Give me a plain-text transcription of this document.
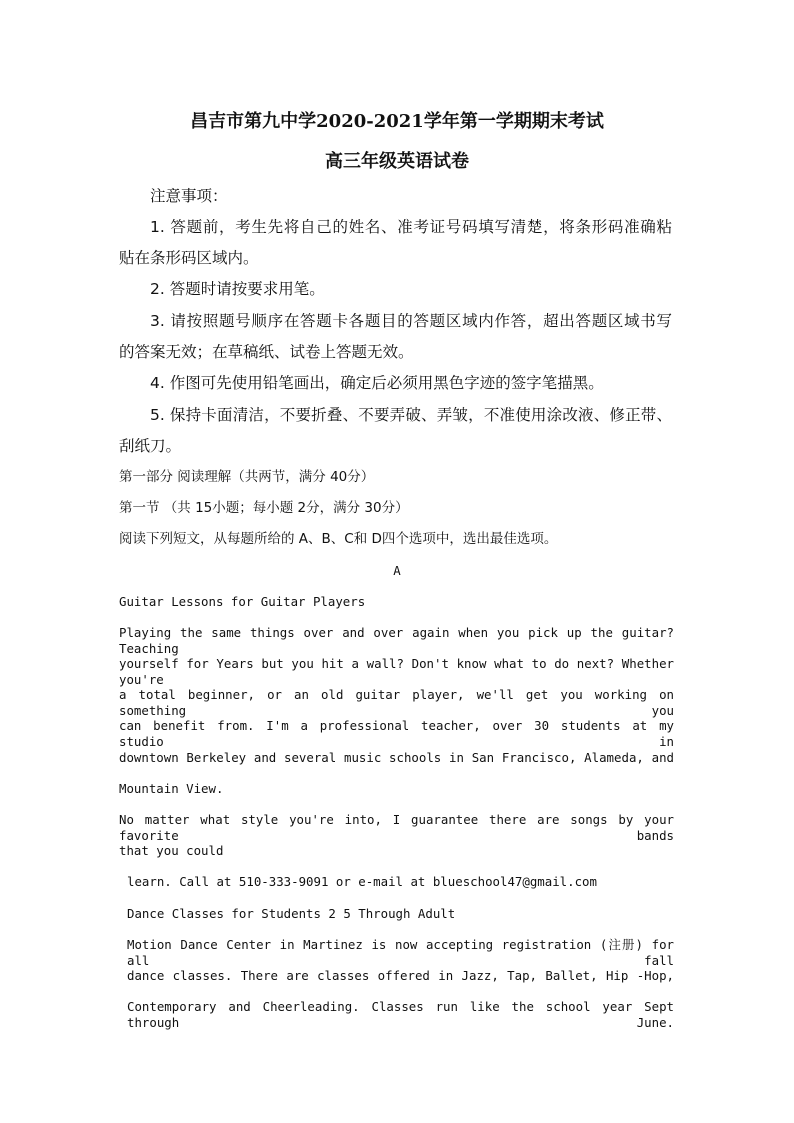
昌吉市第九中学2020-2021学年第一学期期末考试
高三年级英语试卷
注意事项：
1. 答题前，考生先将自己的姓名、准考证号码填写清楚，将条形码准确粘
贴在条形码区域内。
2. 答题时请按要求用笔。
3. 请按照题号顺序在答题卡各题目的答题区域内作答，超出答题区域书写
的答案无效；在草稿纸、试卷上答题无效。
4. 作图可先使用铅笔画出，确定后必须用黑色字迹的签字笔描黑。
5. 保持卡面清洁，不要折叠、不要弄破、弄皱，不准使用涂改液、修正带、
刮纸刀。
第一部分 阅读理解（共两节，满分 40分）
第一节 （共 15小题；每小题 2分，满分 30分）
阅读下列短文，从每题所给的 A、B、C和 D四个选项中，选出最佳选项。
A
Guitar Lessons for Guitar Players
Playing the same things over and over again when you pick up the guitar? Teaching
yourself for Years but you hit a wall? Don't know what to do next? Whether you're
a total beginner, or an old guitar player, we'll get you working on something you
can benefit from. I'm a professional teacher, over 30 students at my studio in
downtown Berkeley and several music schools in San Francisco, Alameda, and
Mountain View.
No matter what style you're into, I guarantee there are songs by your favorite bands
that you could
learn. Call at 510-333-9091 or e-mail at blueschool47@gmail.com
Dance Classes for Students 2 5 Through Adult
Motion Dance Center in Martinez is now accepting registration (注册) for all fall
dance classes. There are classes offered in Jazz, Tap, Ballet, Hip -Hop,
Contemporary and Cheerleading. Classes run like the school year Sept through June.
